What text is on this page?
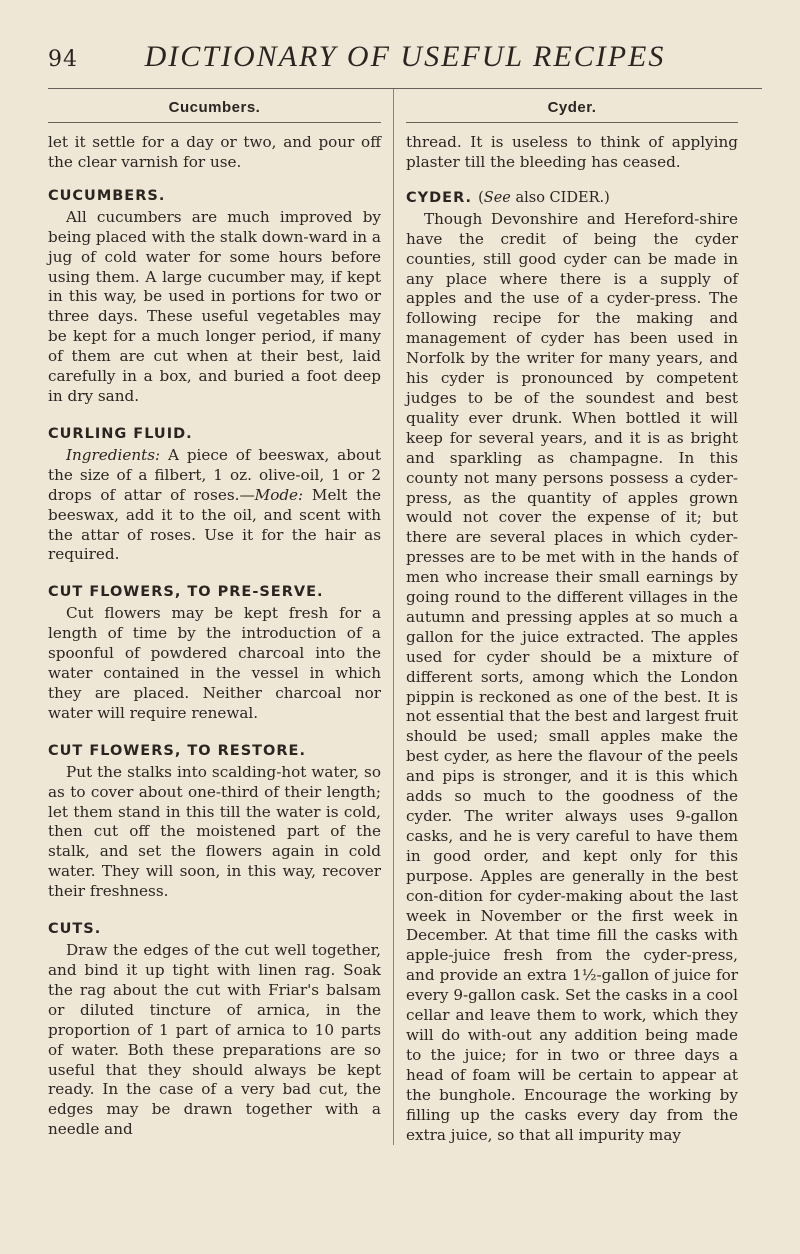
94	DICTIONARY OF USEFUL RECIPES
Cucumbers.

let it settle for a day or two, and pour off the clear varnish for use.

CUCUMBERS.

All cucumbers are much improved by being placed with the stalk down-ward in a jug of cold water for some hours before using them. A large cucumber may, if kept in this way, be used in portions for two or three days. These useful vegetables may be kept for a much longer period, if many of them are cut when at their best, laid carefully in a box, and buried a foot deep in dry sand.

CURLING FLUID.

Ingredients: A piece of beeswax, about the size of a filbert, 1 oz. olive-oil, 1 or 2 drops of attar of roses.—Mode: Melt the beeswax, add it to the oil, and scent with the attar of roses. Use it for the hair as required.

CUT FLOWERS, TO PRE-SERVE.

Cut flowers may be kept fresh for a length of time by the introduction of a spoonful of powdered charcoal into the water contained in the vessel in which they are placed. Neither charcoal nor water will require renewal.

CUT FLOWERS, TO RESTORE.

Put the stalks into scalding-hot water, so as to cover about one-third of their length; let them stand in this till the water is cold, then cut off the moistened part of the stalk, and set the flowers again in cold water. They will soon, in this way, recover their freshness.

CUTS.

Draw the edges of the cut well together, and bind it up tight with linen rag. Soak the rag about the cut with Friar's balsam or diluted tincture of arnica, in the proportion of 1 part of arnica to 10 parts of water. Both these preparations are so useful that they should always be kept ready. In the case of a very bad cut, the edges may be drawn together with a needle and

Cyder.

thread. It is useless to think of applying plaster till the bleeding has ceased.

CYDER. (See also CIDER.)

Though Devonshire and Hereford-shire have the credit of being the cyder counties, still good cyder can be made in any place where there is a supply of apples and the use of a cyder-press. The following recipe for the making and management of cyder has been used in Norfolk by the writer for many years, and his cyder is pronounced by competent judges to be of the soundest and best quality ever drunk. When bottled it will keep for several years, and it is as bright and sparkling as champagne. In this county not many persons possess a cyder-press, as the quantity of apples grown would not cover the expense of it; but there are several places in which cyder-presses are to be met with in the hands of men who increase their small earnings by going round to the different villages in the autumn and pressing apples at so much a gallon for the juice extracted. The apples used for cyder should be a mixture of different sorts, among which the London pippin is reckoned as one of the best. It is not essential that the best and largest fruit should be used; small apples make the best cyder, as here the flavour of the peels and pips is stronger, and it is this which adds so much to the goodness of the cyder. The writer always uses 9-gallon casks, and he is very careful to have them in good order, and kept only for this purpose. Apples are generally in the best con-dition for cyder-making about the last week in November or the first week in December. At that time fill the casks with apple-juice fresh from the cyder-press, and provide an extra 1½-gallon of juice for every 9-gallon cask. Set the casks in a cool cellar and leave them to work, which they will do with-out any addition being made to the juice; for in two or three days a head of foam will be certain to appear at the bunghole. Encourage the working by filling up the casks every day from the extra juice, so that all impurity may
